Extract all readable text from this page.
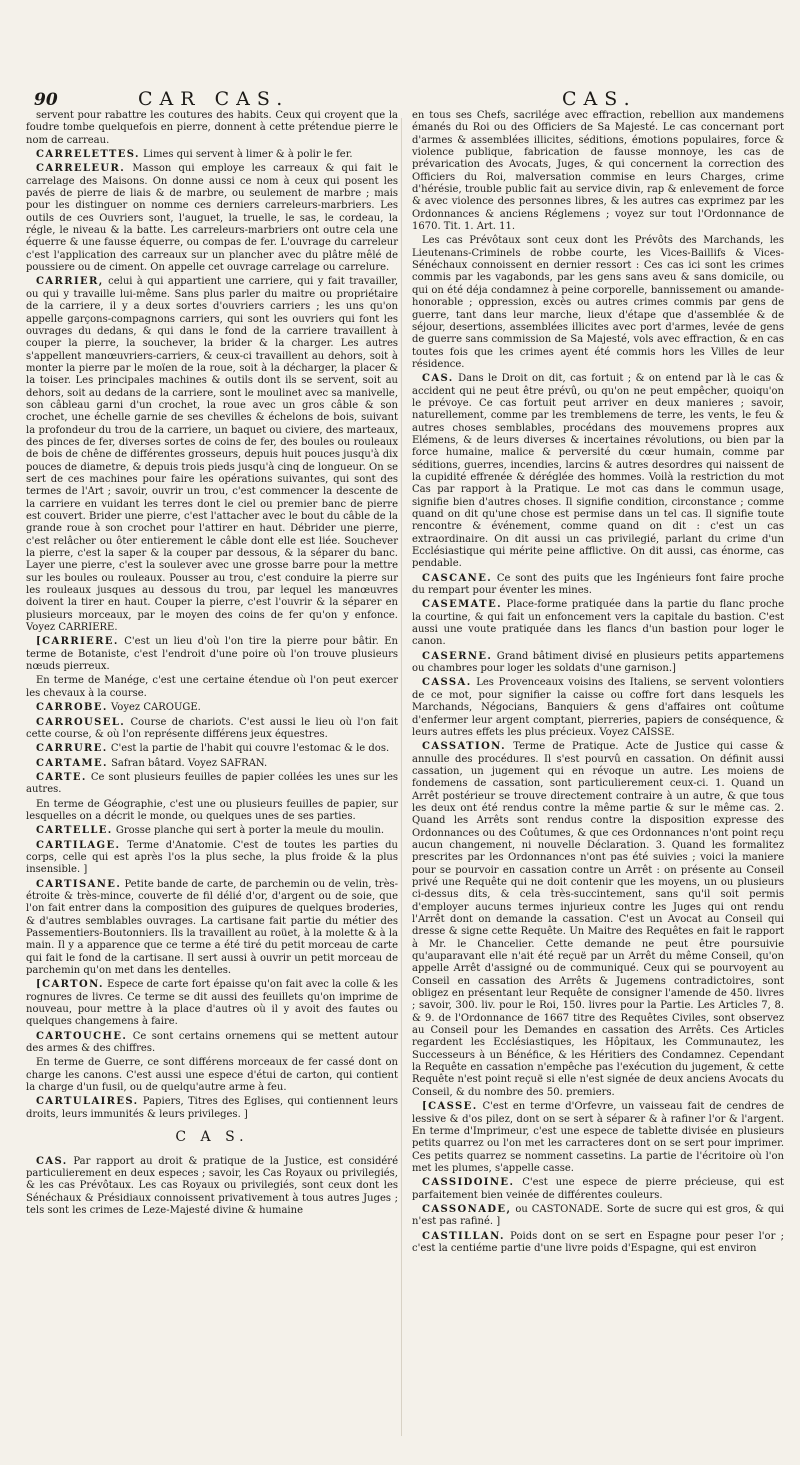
90	CAR CAS.	CAS.

servent pour rabattre les coutures des habits. Ceux qui croyent que la foudre tombe quelquefois en pierre, donnent à cette prétendue pierre le nom de carreau.

CARRELETTES. Limes qui servent à limer & à polir le fer.

CARRELEUR. Masson qui employe les carreaux & qui fait le carrelage des Maisons. On donne aussi ce nom à ceux qui posent les pavés de pierre de liais & de marbre, ou seulement de marbre ; mais pour les distinguer on nomme ces derniers carreleurs-marbriers. Les outils de ces Ouvriers sont, l'auguet, la truelle, le sas, le cordeau, la régle, le niveau & la batte. Les carreleurs-marbriers ont outre cela une équerre & une fausse équerre, ou compas de fer. L'ouvrage du carreleur c'est l'application des carreaux sur un plancher avec du plâtre mêlé de poussiere ou de ciment. On appelle cet ouvrage carrelage ou carrelure.

CARRIER, celui à qui appartient une carriere, qui y fait travailler, ou qui y travaille lui-même. Sans plus parler du maitre ou propriétaire de la carriere, il y a deux sortes d'ouvriers carriers ; les uns qu'on appelle garçons-compagnons carriers, qui sont les ouvriers qui font les ouvrages du dedans, & qui dans le fond de la carriere travaillent à couper la pierre, la souchever, la brider & la charger. Les autres s'appellent manœuvriers-carriers, & ceux-ci travaillent au dehors, soit à monter la pierre par le moïen de la roue, soit à la décharger, la placer & la toiser. Les principales machines & outils dont ils se servent, soit au dehors, soit au dedans de la carriere, sont le moulinet avec sa manivelle, son câbleau garni d'un crochet, la roue avec un gros câble & son crochet, une échelle garnie de ses chevilles & échelons de bois, suivant la profondeur du trou de la carriere, un baquet ou civiere, des marteaux, des pinces de fer, diverses sortes de coins de fer, des boules ou rouleaux de bois de chêne de différentes grosseurs, depuis huit pouces jusqu'à dix pouces de diametre, & depuis trois pieds jusqu'à cinq de longueur. On se sert de ces machines pour faire les opérations suivantes, qui sont des termes de l'Art ; savoir, ouvrir un trou, c'est commencer la descente de la carriere en vuidant les terres dont le ciel ou premier banc de pierre est couvert. Brider une pierre, c'est l'attacher avec le bout du câble de la grande roue à son crochet pour l'attirer en haut. Débrider une pierre, c'est relâcher ou ôter entierement le câble dont elle est liée. Souchever la pierre, c'est la saper & la couper par dessous, & la séparer du banc. Layer une pierre, c'est la soulever avec une grosse barre pour la mettre sur les boules ou rouleaux. Pousser au trou, c'est conduire la pierre sur les rouleaux jusques au dessous du trou, par lequel les manœuvres doivent la tirer en haut. Couper la pierre, c'est l'ouvrir & la séparer en plusieurs morceaux, par le moyen des coins de fer qu'on y enfonce. Voyez CARRIERE.

[CARRIERE. C'est un lieu d'où l'on tire la pierre pour bâtir. En terme de Botaniste, c'est l'endroit d'une poire où l'on trouve plusieurs nœuds pierreux.

En terme de Manége, c'est une certaine étendue où l'on peut exercer les chevaux à la course.

CARROBE. Voyez CAROUGE.

CARROUSEL. Course de chariots. C'est aussi le lieu où l'on fait cette course, & où l'on représente différens jeux équestres.

CARRURE. C'est la partie de l'habit qui couvre l'estomac & le dos.

CARTAME. Safran bâtard. Voyez SAFRAN.

CARTE. Ce sont plusieurs feuilles de papier collées les unes sur les autres.

En terme de Géographie, c'est une ou plusieurs feuilles de papier, sur lesquelles on a décrit le monde, ou quelques unes de ses parties.

CARTELLE. Grosse planche qui sert à porter la meule du moulin.

CARTILAGE. Terme d'Anatomie. C'est de toutes les parties du corps, celle qui est après l'os la plus seche, la plus froide & la plus insensible. ]

CARTISANE. Petite bande de carte, de parchemin ou de velin, très-étroite & très-mince, couverte de fil délié d'or, d'argent ou de soie, que l'on fait entrer dans la composition des guipures de quelques broderies, & d'autres semblables ouvrages. La cartisane fait partie du métier des Passementiers-Boutonniers. Ils la travaillent au roüet, à la molette & à la main. Il y a apparence que ce terme a été tiré du petit morceau de carte qui fait le fond de la cartisane. Il sert aussi à ouvrir un petit morceau de parchemin qu'on met dans les dentelles.

[CARTON. Espece de carte fort épaisse qu'on fait avec la colle & les rognures de livres. Ce terme se dit aussi des feuillets qu'on imprime de nouveau, pour mettre à la place d'autres où il y avoit des fautes ou quelques changemens à faire.

CARTOUCHE. Ce sont certains ornemens qui se mettent autour des armes & des chiffres.

En terme de Guerre, ce sont différens morceaux de fer cassé dont on charge les canons. C'est aussi une espece d'étui de carton, qui contient la charge d'un fusil, ou de quelqu'autre arme à feu.

CARTULAIRES. Papiers, Titres des Eglises, qui contiennent leurs droits, leurs immunités & leurs privileges. ]

C A S.

CAS. Par rapport au droit & pratique de la Justice, est considéré particulierement en deux especes ; savoir, les Cas Royaux ou privilegiés, & les cas Prévôtaux. Les cas Royaux ou privilegiés, sont ceux dont les Sénéchaux & Présidiaux connoissent privativement à tous autres Juges ; tels sont les crimes de Leze-Majesté divine & humaine

en tous ses Chefs, sacrilége avec effraction, rebellion aux mandemens émanés du Roi ou des Officiers de Sa Majesté. Le cas concernant port d'armes & assemblées illicites, séditions, émotions populaires, force & violence publique, fabrication de fausse monnoye, les cas de prévarication des Avocats, Juges, & qui concernent la correction des Officiers du Roi, malversation commise en leurs Charges, crime d'hérésie, trouble public fait au service divin, rap & enlevement de force & avec violence des personnes libres, & les autres cas exprimez par les Ordonnances & anciens Réglemens ; voyez sur tout l'Ordonnance de 1670. Tit. 1. Art. 11.

Les cas Prévôtaux sont ceux dont les Prévôts des Marchands, les Lieutenans-Criminels de robbe courte, les Vices-Baillifs & Vices-Sénéchaux connoissent en dernier ressort : Ces cas ici sont les crimes commis par les vagabonds, par les gens sans aveu & sans domicile, ou qui on été déja condamnez à peine corporelle, bannissement ou amande-honorable ; oppression, excès ou autres crimes commis par gens de guerre, tant dans leur marche, lieux d'étape que d'assemblée & de séjour, desertions, assemblées illicites avec port d'armes, levée de gens de guerre sans commission de Sa Majesté, vols avec effraction, & en cas toutes fois que les crimes ayent été commis hors les Villes de leur résidence.

CAS. Dans le Droit on dit, cas fortuit ; & on entend par là le cas & accident qui ne peut être prévû, ou qu'on ne peut empêcher, quoiqu'on le prévoye. Ce cas fortuit peut arriver en deux manieres ; savoir, naturellement, comme par les tremblemens de terre, les vents, le feu & autres choses semblables, procédans des mouvemens propres aux Elémens, & de leurs diverses & incertaines révolutions, ou bien par la force humaine, malice & perversité du cœur humain, comme par séditions, guerres, incendies, larcins & autres desordres qui naissent de la cupidité effrenée & déréglée des hommes. Voilà la restriction du mot Cas par rapport à la Pratique. Le mot cas dans le commun usage, signifie bien d'autres choses. Il signifie condition, circonstance ; comme quand on dit qu'une chose est permise dans un tel cas. Il signifie toute rencontre & événement, comme quand on dit : c'est un cas extraordinaire. On dit aussi un cas privilegié, parlant du crime d'un Ecclésiastique qui mérite peine afflictive. On dit aussi, cas énorme, cas pendable.

CASCANE. Ce sont des puits que les Ingénieurs font faire proche du rempart pour éventer les mines.

CASEMATE. Place-forme pratiquée dans la partie du flanc proche la courtine, & qui fait un enfoncement vers la capitale du bastion. C'est aussi une voute pratiquée dans les flancs d'un bastion pour loger le canon.

CASERNE. Grand bâtiment divisé en plusieurs petits appartemens ou chambres pour loger les soldats d'une garnison.]

CASSA. Les Provenceaux voisins des Italiens, se servent volontiers de ce mot, pour signifier la caisse ou coffre fort dans lesquels les Marchands, Négocians, Banquiers & gens d'affaires ont coûtume d'enfermer leur argent comptant, pierreries, papiers de conséquence, & leurs autres effets les plus précieux. Voyez CAISSE.

CASSATION. Terme de Pratique. Acte de Justice qui casse & annulle des procédures. Il s'est pourvû en cassation. On définit aussi cassation, un jugement qui en révoque un autre. Les moiens de fondemens de cassation, sont particulierement ceux-ci. 1. Quand un Arrêt postérieur se trouve directement contraire à un autre, & que tous les deux ont été rendus contre la même partie & sur le même cas. 2. Quand les Arrêts sont rendus contre la disposition expresse des Ordonnances ou des Coûtumes, & que ces Ordonnances n'ont point reçu aucun changement, ni nouvelle Déclaration. 3. Quand les formalitez prescrites par les Ordonnances n'ont pas été suivies ; voici la maniere pour se pourvoir en cassation contre un Arrêt : on présente au Conseil privé une Requête qui ne doit contenir que les moyens, un ou plusieurs ci-dessus dits, & cela très-succintement, sans qu'il soit permis d'employer aucuns termes injurieux contre les Juges qui ont rendu l'Arrêt dont on demande la cassation. C'est un Avocat au Conseil qui dresse & signe cette Requête. Un Maitre des Requêtes en fait le rapport à Mr. le Chancelier. Cette demande ne peut être poursuivie qu'auparavant elle n'ait été reçuë par un Arrêt du même Conseil, qu'on appelle Arrêt d'assigné ou de communiqué. Ceux qui se pourvoyent au Conseil en cassation des Arrêts & Jugemens contradictoires, sont obligez en présentant leur Requête de consigner l'amende de 450. livres ; savoir, 300. liv. pour le Roi, 150. livres pour la Partie. Les Articles 7, 8. & 9. de l'Ordonnance de 1667 titre des Requêtes Civiles, sont observez au Conseil pour les Demandes en cassation des Arrêts. Ces Articles regardent les Ecclésiastiques, les Hôpitaux, les Communautez, les Successeurs à un Bénéfice, & les Héritiers des Condamnez. Cependant la Requête en cassation n'empêche pas l'exécution du jugement, & cette Requête n'est point reçuë si elle n'est signée de deux anciens Avocats du Conseil, & du nombre des 50. premiers.

[CASSE. C'est en terme d'Orfevre, un vaisseau fait de cendres de lessive & d'os pilez, dont on se sert à séparer & à rafiner l'or & l'argent. En terme d'Imprimeur, c'est une espece de tablette divisée en plusieurs petits quarrez ou l'on met les carracteres dont on se sert pour imprimer. Ces petits quarrez se nomment cassetins. La partie de l'écritoire où l'on met les plumes, s'appelle casse.

CASSIDOINE. C'est une espece de pierre précieuse, qui est parfaitement bien veinée de différentes couleurs.

CASSONADE, ou CASTONADE. Sorte de sucre qui est gros, & qui n'est pas rafiné. ]

CASTILLAN. Poids dont on se sert en Espagne pour peser l'or ; c'est la centiéme partie d'une livre poids d'Espagne, qui est environ
